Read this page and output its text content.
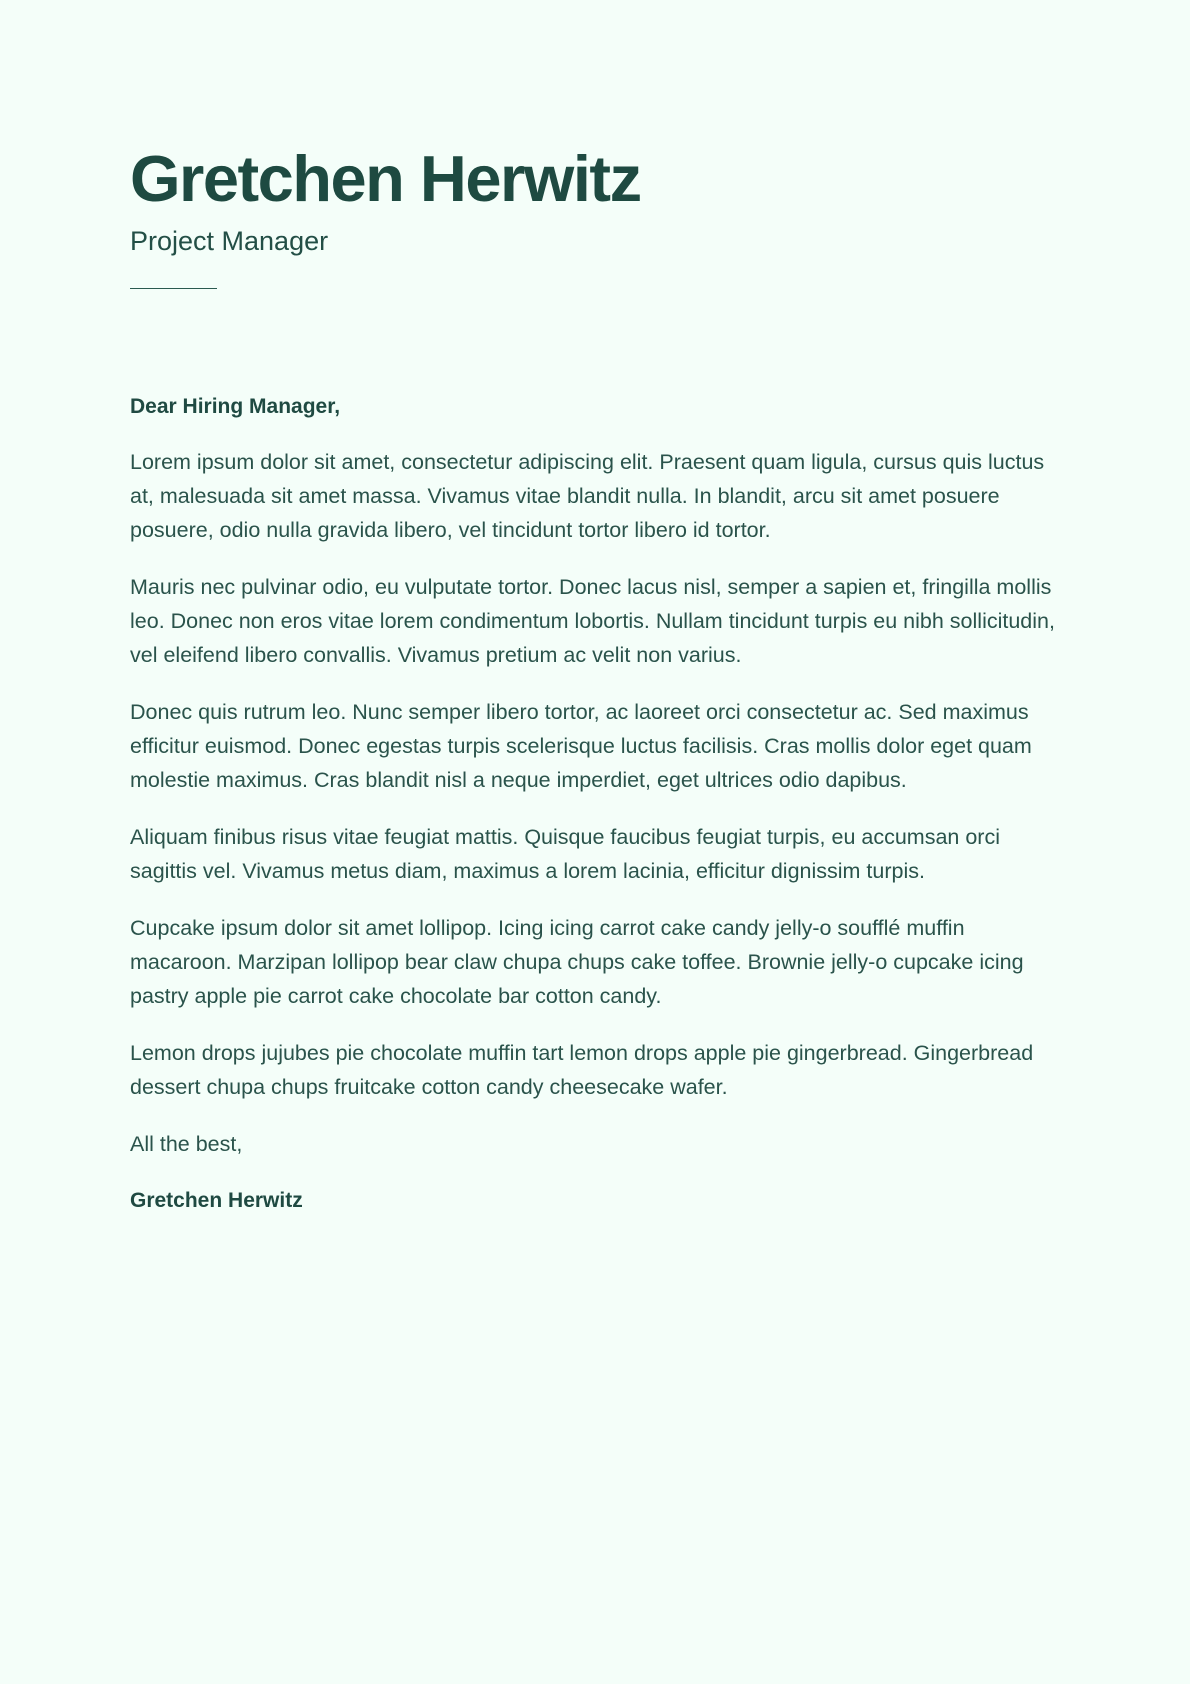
Gretchen Herwitz
Project Manager

Dear Hiring Manager,

Lorem ipsum dolor sit amet, consectetur adipiscing elit. Praesent quam ligula, cursus quis luctus at, malesuada sit amet massa. Vivamus vitae blandit nulla. In blandit, arcu sit amet posuere posuere, odio nulla gravida libero, vel tincidunt tortor libero id tortor.

Mauris nec pulvinar odio, eu vulputate tortor. Donec lacus nisl, semper a sapien et, fringilla mollis leo. Donec non eros vitae lorem condimentum lobortis. Nullam tincidunt turpis eu nibh sollicitudin, vel eleifend libero convallis. Vivamus pretium ac velit non varius.

Donec quis rutrum leo. Nunc semper libero tortor, ac laoreet orci consectetur ac. Sed maximus efficitur euismod. Donec egestas turpis scelerisque luctus facilisis. Cras mollis dolor eget quam molestie maximus. Cras blandit nisl a neque imperdiet, eget ultrices odio dapibus.

Aliquam finibus risus vitae feugiat mattis. Quisque faucibus feugiat turpis, eu accumsan orci sagittis vel. Vivamus metus diam, maximus a lorem lacinia, efficitur dignissim turpis.

Cupcake ipsum dolor sit amet lollipop. Icing icing carrot cake candy jelly-o soufflé muffin macaroon. Marzipan lollipop bear claw chupa chups cake toffee. Brownie jelly-o cupcake icing pastry apple pie carrot cake chocolate bar cotton candy.

Lemon drops jujubes pie chocolate muffin tart lemon drops apple pie gingerbread. Gingerbread dessert chupa chups fruitcake cotton candy cheesecake wafer.

All the best,

Gretchen Herwitz
